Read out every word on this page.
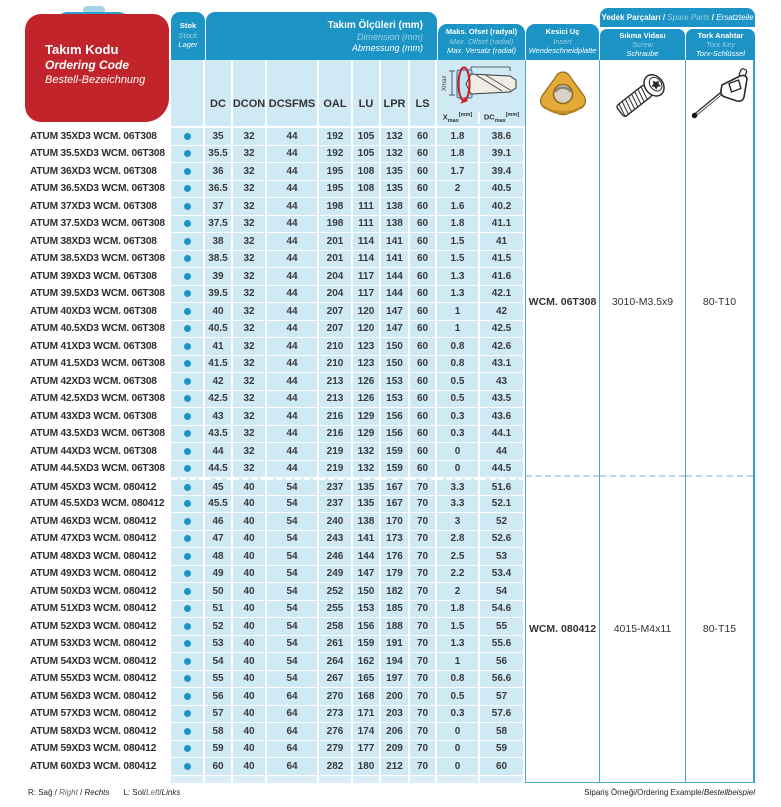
Takım Kodu
Ordering Code
Bestell-Bezeichnung
Stok
Stock
Lager
Takım Ölçüleri (mm)
Dimension (mm)
Abmessung (mm)
Maks. Ofset (radyal)
Max. Offset (radial)
Max. Versatz (radial)
Kesici Uç
Insert
Wendeschneidplatte
Yedek Parçaları / Spare Parts / Ersatzteile
Sıkma Vidası
Screw
Schraube
Tork Anahtar
Torx Key
Torx-Schlüssel
DC DCON DCSFMS OAL	LU LPR LS
Xmax
$X_{max}[mm]$	$DC_{max}[mm]$
ATUM 35XD3 WCM. 06T308	35	32	44	192	105	132	60	1.8	38.6
ATUM 35.5XD3 WCM. 06T308	35.5	32	44	192	105	132	60	1.8	39.1
ATUM 36XD3 WCM. 06T308	36	32	44	195	108	135	60	1.7	39.4
ATUM 36.5XD3 WCM. 06T308	36.5	32	44	195	108	135	60	2	40.5
ATUM 37XD3 WCM. 06T308	37	32	44	198	111	138	60	1.6	40.2
ATUM 37.5XD3 WCM. 06T308	37.5	32	44	198	111	138	60	1.8	41.1
ATUM 38XD3 WCM. 06T308	38	32	44	201	114	141	60	1.5	41
ATUM 38.5XD3 WCM. 06T308	38.5	32	44	201	114	141	60	1.5	41.5
ATUM 39XD3 WCM. 06T308	39	32	44	204	117	144	60	1.3	41.6
ATUM 39.5XD3 WCM. 06T308	39.5	32	44	204	117	144	60	1.3	42.1
ATUM 40XD3 WCM. 06T308	40	32	44	207	120	147	60	1	42
ATUM 40.5XD3 WCM. 06T308	40.5	32	44	207	120	147	60	1	42.5
ATUM 41XD3 WCM. 06T308	41	32	44	210	123	150	60	0.8	42.6
ATUM 41.5XD3 WCM. 06T308	41.5	32	44	210	123	150	60	0.8	43.1
ATUM 42XD3 WCM. 06T308	42	32	44	213	126	153	60	0.5	43
ATUM 42.5XD3 WCM. 06T308	42.5	32	44	213	126	153	60	0.5	43.5
ATUM 43XD3 WCM. 06T308	43	32	44	216	129	156	60	0.3	43.6
ATUM 43.5XD3 WCM. 06T308	43.5	32	44	216	129	156	60	0.3	44.1
ATUM 44XD3 WCM. 06T308	44	32	44	219	132	159	60	0	44
ATUM 44.5XD3 WCM. 06T308	44.5	32	44	219	132	159	60	0	44.5
ATUM 45XD3 WCM. 080412	45	40	54	237	135	167	70	3.3	51.6
ATUM 45.5XD3 WCM. 080412	45.5	40	54	237	135	167	70	3.3	52.1
ATUM 46XD3 WCM. 080412	46	40	54	240	138	170	70	3	52
ATUM 47XD3 WCM. 080412	47	40	54	243	141	173	70	2.8	52.6
ATUM 48XD3 WCM. 080412	48	40	54	246	144	176	70	2.5	53
ATUM 49XD3 WCM. 080412	49	40	54	249	147	179	70	2.2	53.4
ATUM 50XD3 WCM. 080412	50	40	54	252	150	182	70	2	54
ATUM 51XD3 WCM. 080412	51	40	54	255	153	185	70	1.8	54.6
ATUM 52XD3 WCM. 080412	52	40	54	258	156	188	70	1.5	55
ATUM 53XD3 WCM. 080412	53	40	54	261	159	191	70	1.3	55.6
ATUM 54XD3 WCM. 080412	54	40	54	264	162	194	70	1	56
ATUM 55XD3 WCM. 080412	55	40	54	267	165	197	70	0.8	56.6
ATUM 56XD3 WCM. 080412	56	40	64	270	168	200	70	0.5	57
ATUM 57XD3 WCM. 080412	57	40	64	273	171	203	70	0.3	57.6
ATUM 58XD3 WCM. 080412	58	40	64	276	174	206	70	0	58
ATUM 59XD3 WCM. 080412	59	40	64	279	177	209	70	0	59
ATUM 60XD3 WCM. 080412	60	40	64	282	180	212	70	0	60
WCM. 06T308
WCM. 080412
3010-M3.5x9
4015-M4x11
80-T10
80-T15
R: Sağ / Right / Rechts L: Sol/Left/Links	Sipariş Örneği/Ordering Example/Bestellbeispiel
